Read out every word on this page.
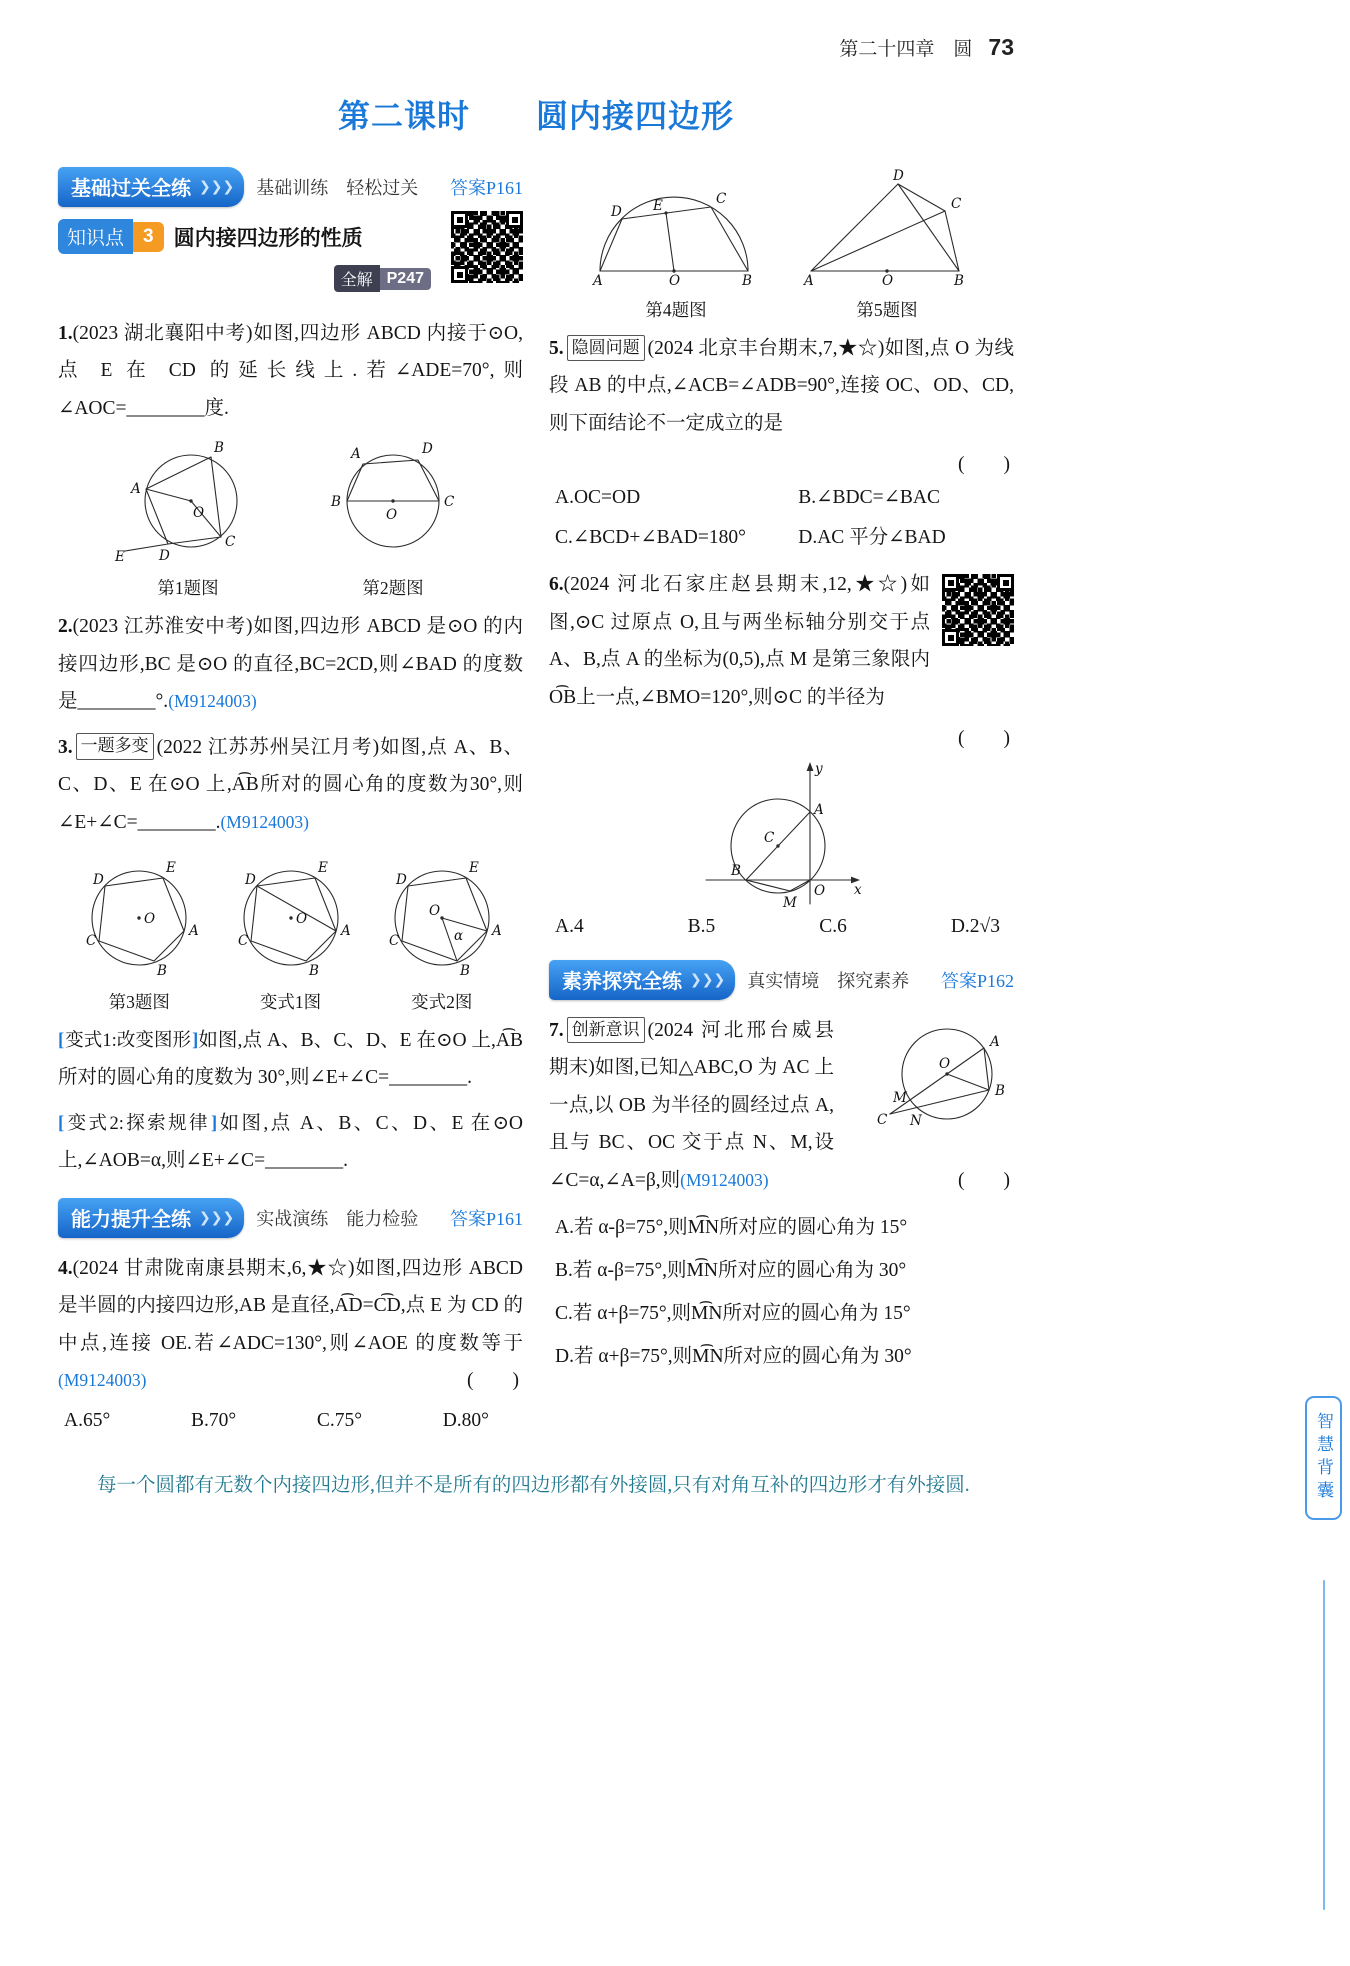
第二十四章　圆 73
第二课时　　圆内接四边形
基础过关全练 ❯❯❯ 基础训练　轻松过关 答案P161
知识点	3 圆内接四边形的性质
全解 P247
1.(2023 湖北襄阳中考)如图,四边形 ABCD 内接于⊙O,点 E 在 CD 的延长线上.若∠ADE=70°,则∠AOC=________度.
A
B
C
D
E
O
第1题图
B
A	D
C
O
第2题图
2.(2023 江苏淮安中考)如图,四边形 ABCD 是⊙O 的内接四边形,BC 是⊙O 的直径,BC=2CD,则∠BAD 的度数是________°.(M9124003)
3. 一题多变 (2022 江苏苏州吴江月考)如图,点 A、B、C、D、E 在⊙O 上,A͡B所对的圆心角的度数为30°,则∠E+∠C=________.(M9124003)
D
E
A
B
C
O
第3题图
D
E
A
B
C
O
变式1图
D
E
A
B
C
O
α
变式2图
[ 变式1:改变图形 ] 如图,点 A、B、C、D、E 在⊙O 上,A͡B所对的圆心角的度数为 30°,则∠E+∠C=________.
[ 变式2:探索规律 ] 如图,点 A、B、C、D、E 在⊙O 上,∠AOB=α,则∠E+∠C=________.
能力提升全练 ❯❯❯ 实战演练　能力检验 答案P161
4.(2024 甘肃陇南康县期末,6,★☆)如图,四边形 ABCD 是半圆的内接四边形,AB 是直径,A͡D=C͡D,点 E 为 CD 的中点,连接 OE.若∠ADC=130°,则∠AOE 的度数等于(M9124003)	(　　)
A.65°	B.70°	C.75°	D.80°
A
D E	C
O	B
第4题图
D
C
A	O	B
第5题图
5. 隐圆问题 (2024 北京丰台期末,7,★☆)如图,点 O 为线段 AB 的中点,∠ACB=∠ADB=90°,连接 OC、OD、CD,则下面结论不一定成立的是
(　　)
A.OC=OD	B.∠BDC=∠BAC
C.∠BCD+∠BAD=180°	D.AC 平分∠BAD
6.(2024 河北石家庄赵县期末,12,★☆)如图,⊙C 过原点 O,且与两坐标轴分别交于点 A、B,点 A 的坐标为(0,5),点 M 是第三象限内O͡B上一点,∠BMO=120°,则⊙C 的半径为
(　　)
y
x
O
A
B
M
C
A.4	B.5	C.6	D.2√3
素养探究全练 ❯❯❯ 真实情境　探究素养 答案P162
O
A
B
M
C N
7. 创新意识 (2024 河北邢台威县期末)如图,已知△ABC,O 为 AC 上一点,以 OB 为半径的圆经过点 A,且与 BC、OC 交于点 N、M,设∠C=α,∠A=β,则(M9124003)	(　　)
A.若 α-β=75°,则M͡N所对应的圆心角为 15°
B.若 α-β=75°,则M͡N所对应的圆心角为 30°
C.若 α+β=75°,则M͡N所对应的圆心角为 15°
D.若 α+β=75°,则M͡N所对应的圆心角为 30°
每一个圆都有无数个内接四边形,但并不是所有的四边形都有外接圆,只有对角互补的四边形才有外接圆.	智慧背囊
